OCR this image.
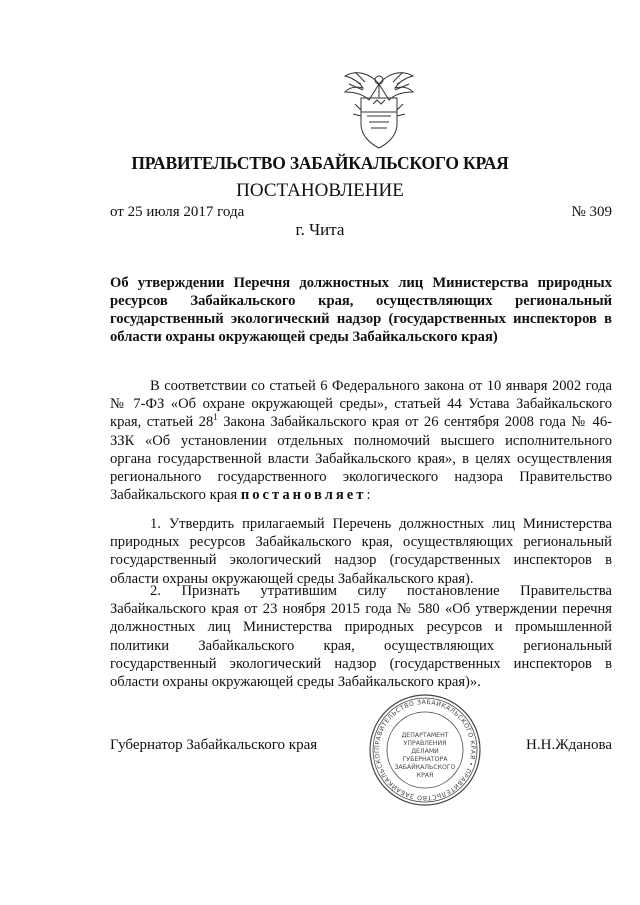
ПРАВИТЕЛЬСТВО ЗАБАЙКАЛЬСКОГО КРАЯ
ПОСТАНОВЛЕНИЕ
от 25 июля 2017 года	№ 309
г. Чита
Об утверждении Перечня должностных лиц Министерства природных ресурсов Забайкальского края, осуществляющих региональный государственный экологический надзор (государственных инспекторов в области охраны окружающей среды Забайкальского края)
В соответствии со статьей 6 Федерального закона от 10 января 2002 года № 7-ФЗ «Об охране окружающей среды», статьей 44 Устава Забайкальского края, статьей $28^1$ Закона Забайкальского края от 26 сентября 2008 года № 46-ЗЗК «Об установлении отдельных полномочий высшего исполнительного органа государственной власти Забайкальского края», в целях осуществления регионального государственного экологического надзора Правительство Забайкальского края постановляет:
1. Утвердить прилагаемый Перечень должностных лиц Министерства природных ресурсов Забайкальского края, осуществляющих региональный государственный экологический надзор (государственных инспекторов в области охраны окружающей среды Забайкальского края).
2. Признать утратившим силу постановление Правительства Забайкальского края от 23 ноября 2015 года № 580 «Об утверждении перечня должностных лиц Министерства природных ресурсов и промышленной политики Забайкальского края, осуществляющих региональный государственный экологический надзор (государственных инспекторов в области охраны окружающей среды Забайкальского края)».
Губернатор Забайкальского края	Н.Н.Жданова
ПРАВИТЕЛЬСТВО ЗАБАЙКАЛЬСКОГО КРАЯ • ПРАВИТЕЛЬСТВО ЗАБАЙКАЛЬСКОГ
ДЕПАРТАМЕНТ
УПРАВЛЕНИЯ
ДЕЛАМИ
ГУБЕРНАТОРА
ЗАБАЙКАЛЬСКОГО
КРАЯ
